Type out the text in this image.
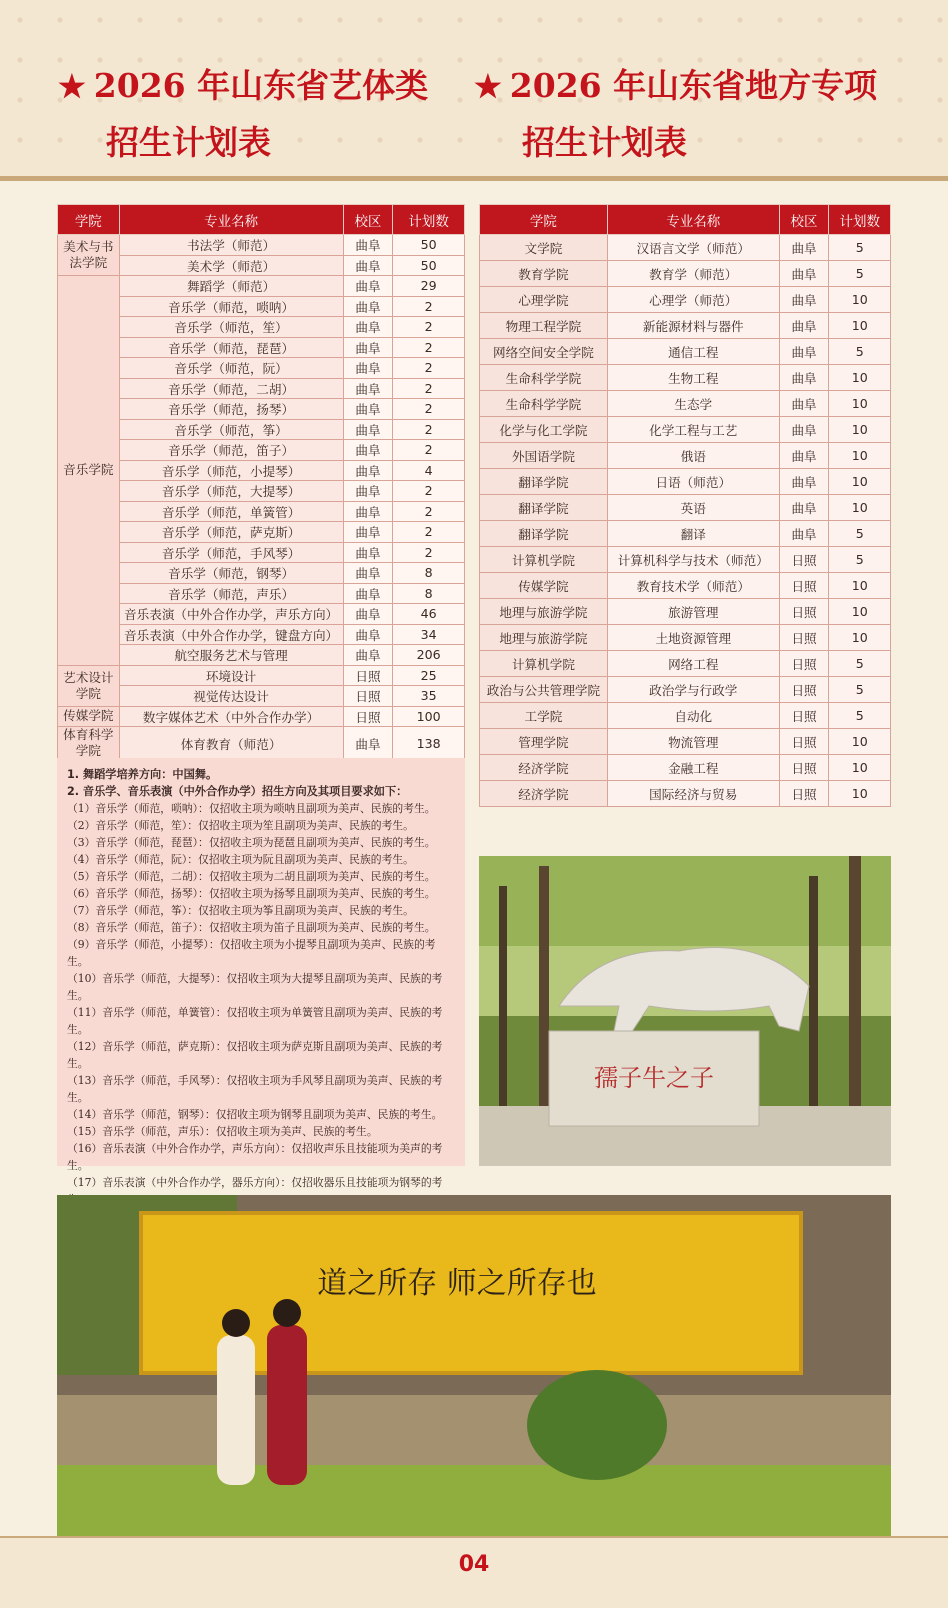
★ 2026 年山东省艺体类
招生计划表
★ 2026 年山东省地方专项
招生计划表
学院	专业名称	校区	计划数
美术与书法学院	书法学（师范）	曲阜	50
	美术学（师范）	曲阜	50
音乐学院	舞蹈学（师范）	曲阜	29
	音乐学（师范，唢呐）	曲阜	2
	音乐学（师范，笙）	曲阜	2
	音乐学（师范，琵琶）	曲阜	2
	音乐学（师范，阮）	曲阜	2
	音乐学（师范，二胡）	曲阜	2
	音乐学（师范，扬琴）	曲阜	2
	音乐学（师范，筝）	曲阜	2
	音乐学（师范，笛子）	曲阜	2
	音乐学（师范，小提琴）	曲阜	4
	音乐学（师范，大提琴）	曲阜	2
	音乐学（师范，单簧管）	曲阜	2
	音乐学（师范，萨克斯）	曲阜	2
	音乐学（师范，手风琴）	曲阜	2
	音乐学（师范，钢琴）	曲阜	8
	音乐学（师范，声乐）	曲阜	8
	音乐表演（中外合作办学，声乐方向）	曲阜	46
	音乐表演（中外合作办学，键盘方向）	曲阜	34
	航空服务艺术与管理	曲阜	206
艺术设计学院	环境设计	日照	25
	视觉传达设计	日照	35
传媒学院	数字媒体艺术（中外合作办学）	日照	100
体育科学学院	体育教育（师范）	曲阜	138
学院	专业名称	校区	计划数
文学院	汉语言文学（师范）	曲阜	5
教育学院	教育学（师范）	曲阜	5
心理学院	心理学（师范）	曲阜	10
物理工程学院	新能源材料与器件	曲阜	10
网络空间安全学院	通信工程	曲阜	5
生命科学学院	生物工程	曲阜	10
生命科学学院	生态学	曲阜	10
化学与化工学院	化学工程与工艺	曲阜	10
外国语学院	俄语	曲阜	10
翻译学院	日语（师范）	曲阜	10
翻译学院	英语	曲阜	10
翻译学院	翻译	曲阜	5
计算机学院	计算机科学与技术（师范）	日照	5
传媒学院	教育技术学（师范）	日照	10
地理与旅游学院	旅游管理	日照	10
地理与旅游学院	土地资源管理	日照	10
计算机学院	网络工程	日照	5
政治与公共管理学院	政治学与行政学	日照	5
工学院	自动化	日照	5
管理学院	物流管理	日照	10
经济学院	金融工程	日照	10
经济学院	国际经济与贸易	日照	10
1. 舞蹈学培养方向：中国舞。
2. 音乐学、音乐表演（中外合作办学）招生方向及其项目要求如下：
（1）音乐学（师范，唢呐）：仅招收主项为唢呐且副项为美声、民族的考生。
（2）音乐学（师范，笙）：仅招收主项为笙且副项为美声、民族的考生。
（3）音乐学（师范，琵琶）：仅招收主项为琵琶且副项为美声、民族的考生。
（4）音乐学（师范，阮）：仅招收主项为阮且副项为美声、民族的考生。
（5）音乐学（师范，二胡）：仅招收主项为二胡且副项为美声、民族的考生。
（6）音乐学（师范，扬琴）：仅招收主项为扬琴且副项为美声、民族的考生。
（7）音乐学（师范，筝）：仅招收主项为筝且副项为美声、民族的考生。
（8）音乐学（师范，笛子）：仅招收主项为笛子且副项为美声、民族的考生。
（9）音乐学（师范，小提琴）：仅招收主项为小提琴且副项为美声、民族的考生。
（10）音乐学（师范，大提琴）：仅招收主项为大提琴且副项为美声、民族的考生。
（11）音乐学（师范，单簧管）：仅招收主项为单簧管且副项为美声、民族的考生。
（12）音乐学（师范，萨克斯）：仅招收主项为萨克斯且副项为美声、民族的考生。
（13）音乐学（师范，手风琴）：仅招收主项为手风琴且副项为美声、民族的考生。
（14）音乐学（师范，钢琴）：仅招收主项为钢琴且副项为美声、民族的考生。
（15）音乐学（师范，声乐）：仅招收主项为美声、民族的考生。
（16）音乐表演（中外合作办学，声乐方向）：仅招收声乐且技能项为美声的考生。
（17）音乐表演（中外合作办学，器乐方向）：仅招收器乐且技能项为钢琴的考
孺子牛之子
道之所存 师之所存也
04
